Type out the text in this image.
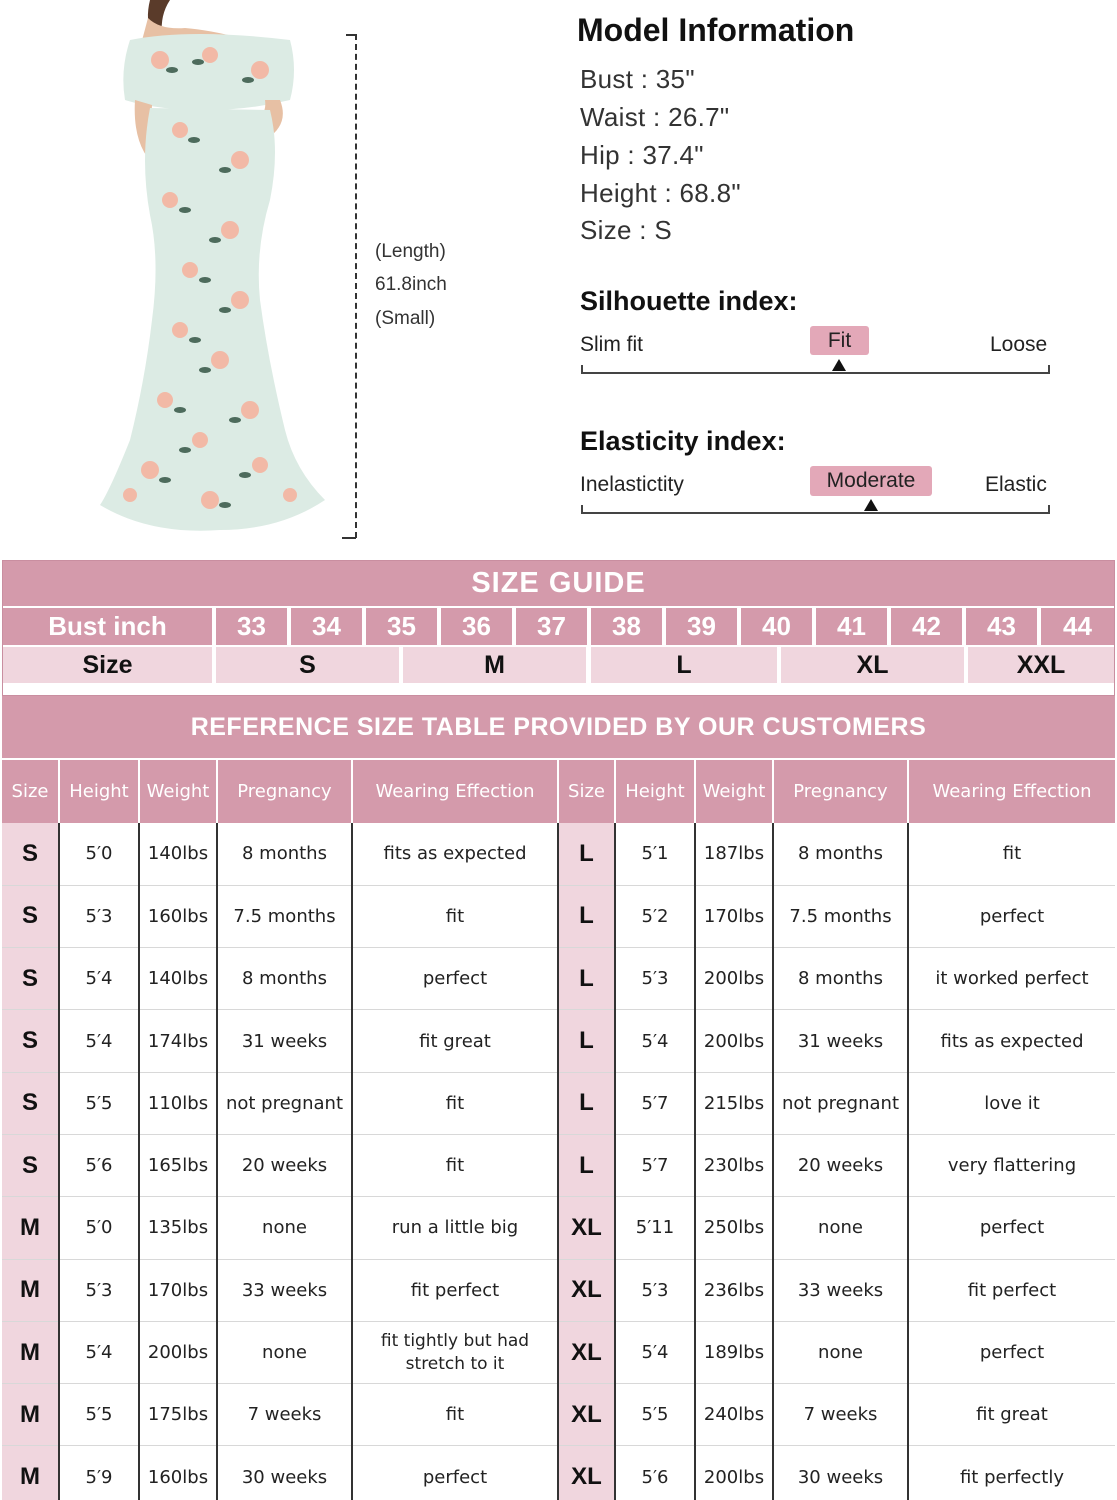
(Length)
61.8inch
(Small)
Model Information
Bust : 35"
Waist : 26.7"
Hip : 37.4"
Height : 68.8"
Size : S
Silhouette index:
Slim fit	Fit	Loose
Elasticity index:
Inelastictity	Moderate	Elastic
SIZE GUIDE
Bust inch	33	34	35	36	37	38	39	40	41	42	43	44
Size	S	M	L	XL	XXL
REFERENCE SIZE TABLE PROVIDED BY OUR CUSTOMERS
Size	Height	Weight	Pregnancy	Wearing Effection	Size	Height	Weight	Pregnancy	Wearing Effection
S	5′0	140lbs	8 months	fits as expected	L	5′1	187lbs	8 months	fit
S	5′3	160lbs	7.5 months	fit	L	5′2	170lbs	7.5 months	perfect
S	5′4	140lbs	8 months	perfect	L	5′3	200lbs	8 months	it worked perfect
S	5′4	174lbs	31 weeks	fit great	L	5′4	200lbs	31 weeks	fits as expected
S	5′5	110lbs	not pregnant	fit	L	5′7	215lbs	not pregnant	love it
S	5′6	165lbs	20 weeks	fit	L	5′7	230lbs	20 weeks	very flattering
M	5′0	135lbs	none	run a little big	XL	5′11	250lbs	none	perfect
M	5′3	170lbs	33 weeks	fit perfect	XL	5′3	236lbs	33 weeks	fit perfect
M	5′4	200lbs	none	fit tightly but had stretch to it	XL	5′4	189lbs	none	perfect
M	5′5	175lbs	7 weeks	fit	XL	5′5	240lbs	7 weeks	fit great
M	5′9	160lbs	30 weeks	perfect	XL	5′6	200lbs	30 weeks	fit perfectly
